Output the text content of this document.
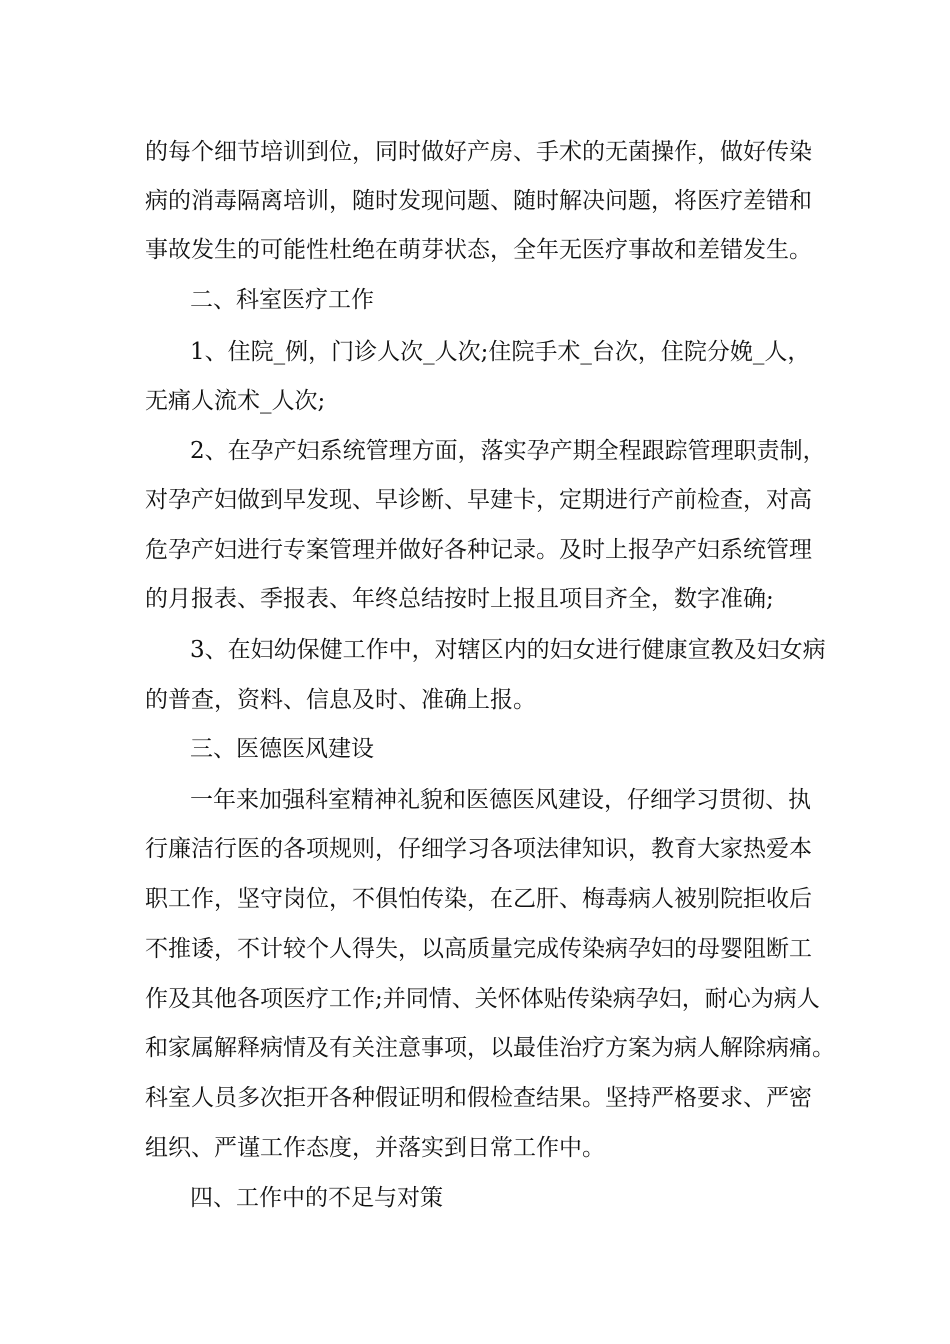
的每个细节培训到位，同时做好产房、手术的无菌操作，做好传染
病的消毒隔离培训，随时发现问题、随时解决问题，将医疗差错和
事故发生的可能性杜绝在萌芽状态，全年无医疗事故和差错发生。
二、科室医疗工作
1、住院_例，门诊人次_人次;住院手术_台次，住院分娩_人，
无痛人流术_人次;
2、在孕产妇系统管理方面，落实孕产期全程跟踪管理职责制，
对孕产妇做到早发现、早诊断、早建卡，定期进行产前检查，对高
危孕产妇进行专案管理并做好各种记录。及时上报孕产妇系统管理
的月报表、季报表、年终总结按时上报且项目齐全，数字准确;
3、在妇幼保健工作中，对辖区内的妇女进行健康宣教及妇女病
的普查，资料、信息及时、准确上报。
三、医德医风建设
一年来加强科室精神礼貌和医德医风建设，仔细学习贯彻、执
行廉洁行医的各项规则，仔细学习各项法律知识，教育大家热爱本
职工作，坚守岗位，不俱怕传染，在乙肝、梅毒病人被别院拒收后
不推诿，不计较个人得失，以高质量完成传染病孕妇的母婴阻断工
作及其他各项医疗工作;并同情、关怀体贴传染病孕妇，耐心为病人
和家属解释病情及有关注意事项，以最佳治疗方案为病人解除病痛。
科室人员多次拒开各种假证明和假检查结果。坚持严格要求、严密
组织、严谨工作态度，并落实到日常工作中。
四、工作中的不足与对策
